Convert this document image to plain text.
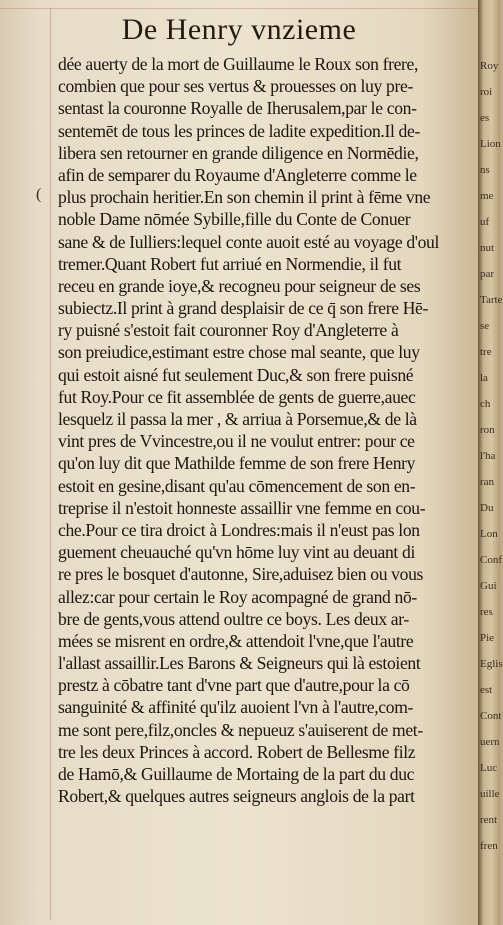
De Henry vnzieme
(
dée auerty de la mort de Guillaume le Roux son frere,
combien que pour ses vertus & prouesses on luy pre-
sentast la couronne Royalle de Iherusalem,par le con-
sentemēt de tous les princes de ladite expedition.Il de-
libera sen retourner en grande diligence en Normēdie,
afin de semparer du Royaume d'Angleterre comme le
plus prochain heritier.En son chemin il print à fēme vne
noble Dame nōmée Sybille,fille du Conte de Conuer
sane & de Iulliers:lequel conte auoit esté au voyage d'oul
tremer.Quant Robert fut arriué en Normendie, il fut
receu en grande ioye,& recogneu pour seigneur de ses
subiectz.Il print à grand desplaisir de ce q̄ son frere Hē-
ry puisné s'estoit fait couronner Roy d'Angleterre à
son preiudice,estimant estre chose mal seante, que luy
qui estoit aisné fut seulement Duc,& son frere puisné
fut Roy.Pour ce fit assemblée de gents de guerre,auec
lesquelz il passa la mer , & arriua à Porsemue,& de là
vint pres de Vvincestre,ou il ne voulut entrer: pour ce
qu'on luy dit que Mathilde femme de son frere Henry
estoit en gesine,disant qu'au cōmencement de son en-
treprise il n'estoit honneste assaillir vne femme en cou-
che.Pour ce tira droict à Londres:mais il n'eust pas lon
guement cheuauché qu'vn hōme luy vint au deuant di
re pres le bosquet d'autonne, Sire,aduisez bien ou vous
allez:car pour certain le Roy acompagné de grand nō-
bre de gents,vous attend oultre ce boys. Les deux ar-
mées se misrent en ordre,& attendoit l'vne,que l'autre
l'allast assaillir.Les Barons & Seigneurs qui là estoient
prestz à cōbatre tant d'vne part que d'autre,pour la cō
sanguinité & affinité qu'ilz auoient l'vn à l'autre,com-
me sont pere,filz,oncles & nepueuz s'auiserent de met-
tre les deux Princes à accord. Robert de Bellesme filz
de Hamō,& Guillaume de Mortaing de la part du duc
Robert,& quelques autres seigneurs anglois de la part
Roy
roi
es
Lion
ns
me
uf
nut
par
Tarte
se
tre
la
ch
ron
l'ha
ran
Du
Lon
Conf
Gui
res
Pie
Eglis
est
Cont
uern
Luc
uille
rent
fren
